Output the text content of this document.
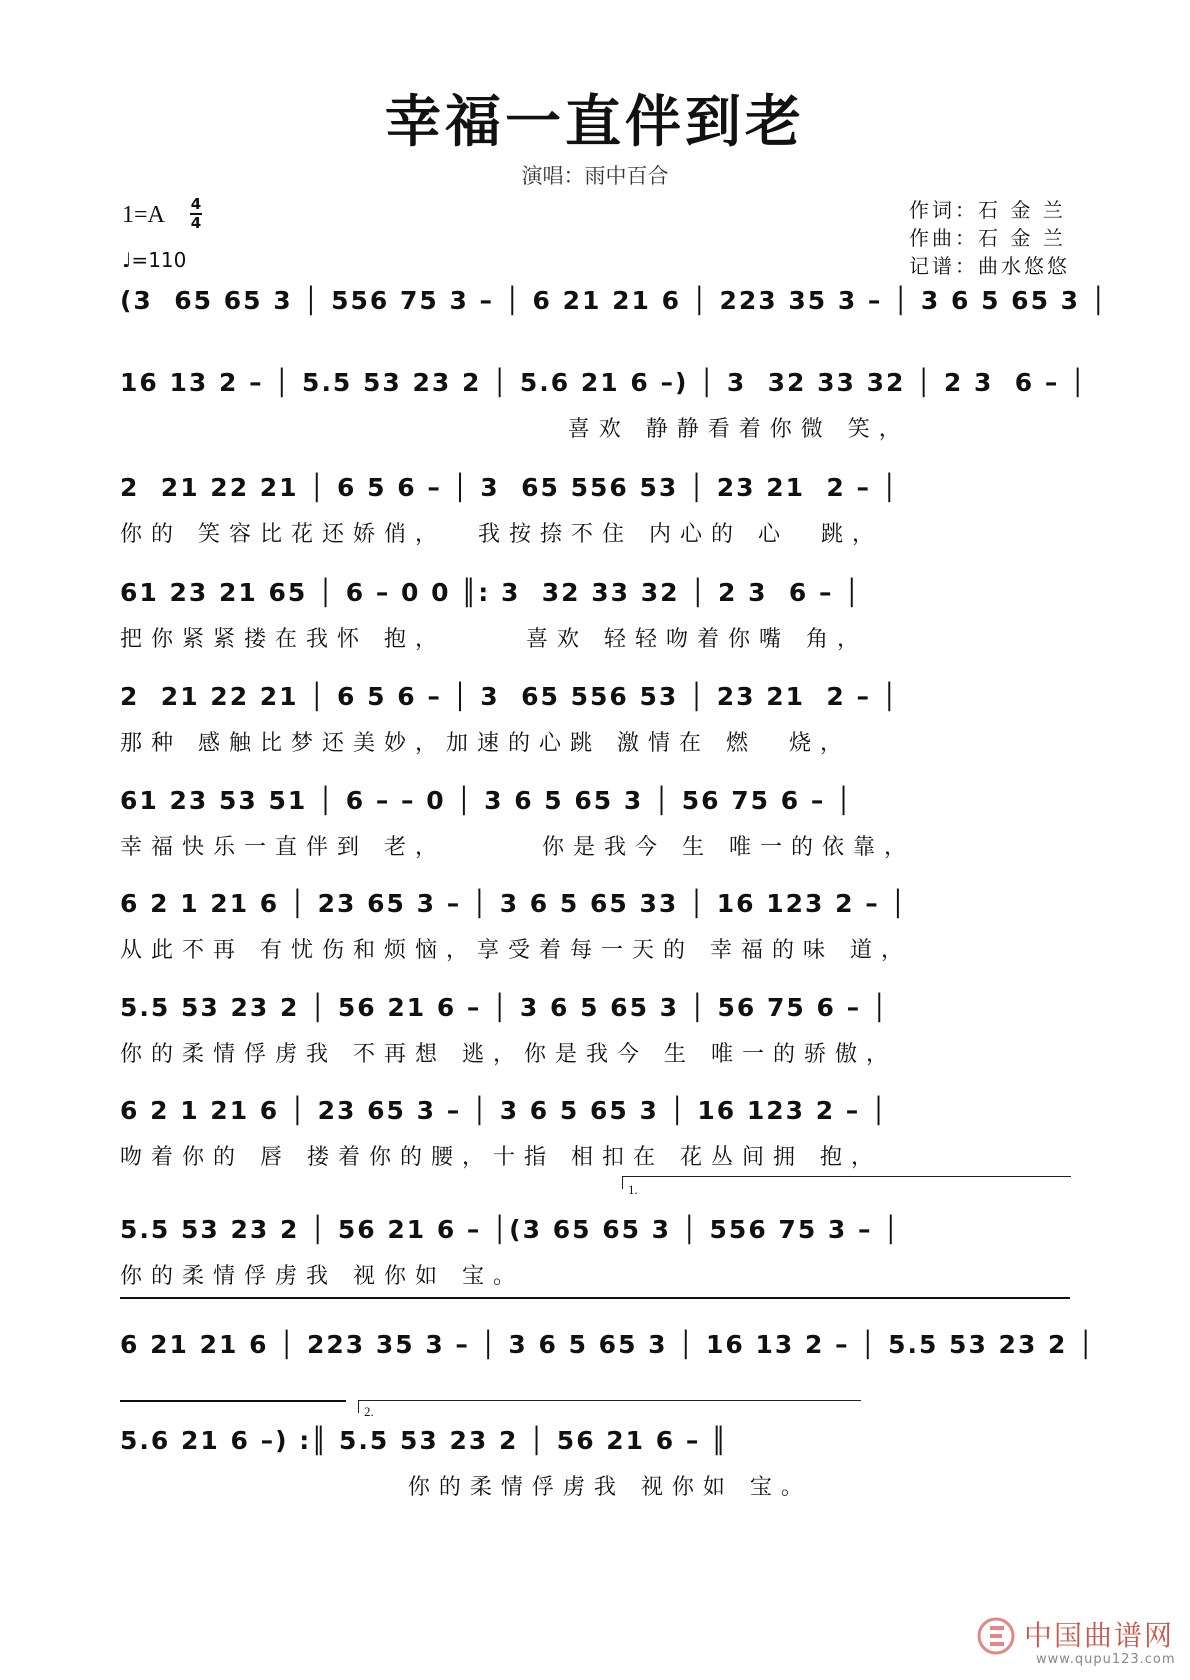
幸福一直伴到老
演唱：雨中百合
1=A 4
4
♩=110
作词：石 金 兰
作曲：石 金 兰
记谱：曲水悠悠
(3  65 65 3 │ 556 75 3 – │ 6 21 21 6 │ 223 35 3 – │ 3 6 5 65 3 │
16 13 2 – │ 5.5 53 23 2 │ 5.6 21 6 –) │ 3  32 33 32 │ 2 3  6 – │
喜欢 静静看着你微 笑，
2  21 22 21 │ 6 5 6 – │ 3  65 556 53 │ 23 21  2 – │
你的 笑容比花还娇俏，  我按捺不住 内心的 心  跳，
61 23 21 65 │ 6 – 0 0 ║: 3  32 33 32 │ 2 3  6 – │
把你紧紧搂在我怀 抱，     喜欢 轻轻吻着你嘴 角，
2  21 22 21 │ 6 5 6 – │ 3  65 556 53 │ 23 21  2 – │
那种 感触比梦还美妙，加速的心跳 激情在 燃  烧，
61 23 53 51 │ 6 – – 0 │ 3 6 5 65 3 │ 56 75 6 – │
幸福快乐一直伴到 老，      你是我今 生 唯一的依靠，
6 2 1 21 6 │ 23 65 3 – │ 3 6 5 65 33 │ 16 123 2 – │
从此不再 有忧伤和烦恼，享受着每一天的 幸福的味 道，
5.5 53 23 2 │ 56 21 6 – │ 3 6 5 65 3 │ 56 75 6 – │
你的柔情俘虏我 不再想 逃，你是我今 生 唯一的骄傲，
6 2 1 21 6 │ 23 65 3 – │ 3 6 5 65 3 │ 16 123 2 – │
吻着你的 唇 搂着你的腰，十指 相扣在 花丛间拥 抱，
1.
5.5 53 23 2 │ 56 21 6 – │(3 65 65 3 │ 556 75 3 – │
你的柔情俘虏我 视你如 宝。
6 21 21 6 │ 223 35 3 – │ 3 6 5 65 3 │ 16 13 2 – │ 5.5 53 23 2 │
2.
5.6 21 6 –) :║ 5.5 53 23 2 │ 56 21 6 – ║
你的柔情俘虏我 视你如 宝。
中国曲谱网
www.qupu123.com
